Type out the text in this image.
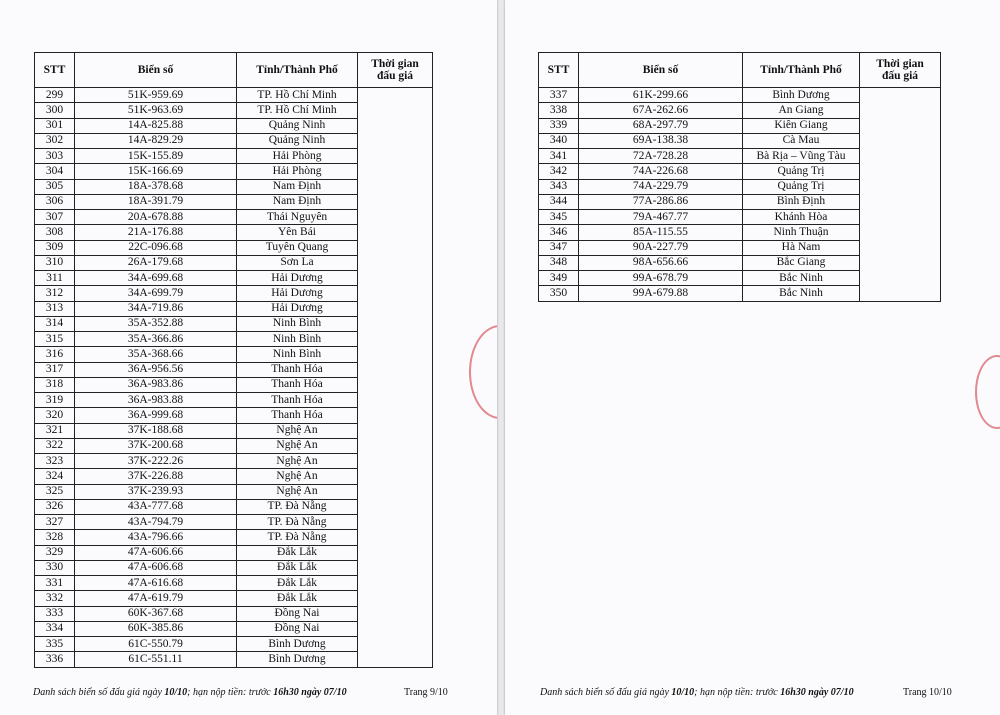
STT	Biển số	Tỉnh/Thành Phố	Thời gian
đấu giá
299	51K-959.69	TP. Hồ Chí Minh	
300	51K-963.69	TP. Hồ Chí Minh	
301	14A-825.88	Quảng Ninh	
302	14A-829.29	Quảng Ninh	
303	15K-155.89	Hải Phòng	
304	15K-166.69	Hải Phòng	
305	18A-378.68	Nam Định	
306	18A-391.79	Nam Định	
307	20A-678.88	Thái Nguyên	
308	21A-176.88	Yên Bái	
309	22C-096.68	Tuyên Quang	
310	26A-179.68	Sơn La	
311	34A-699.68	Hải Dương	
312	34A-699.79	Hải Dương	
313	34A-719.86	Hải Dương	
314	35A-352.88	Ninh Bình	
315	35A-366.86	Ninh Bình	
316	35A-368.66	Ninh Bình	
317	36A-956.56	Thanh Hóa	
318	36A-983.86	Thanh Hóa	
319	36A-983.88	Thanh Hóa	
320	36A-999.68	Thanh Hóa	
321	37K-188.68	Nghệ An	
322	37K-200.68	Nghệ An	
323	37K-222.26	Nghệ An	
324	37K-226.88	Nghệ An	
325	37K-239.93	Nghệ An	
326	43A-777.68	TP. Đà Nẵng	
327	43A-794.79	TP. Đà Nẵng	
328	43A-796.66	TP. Đà Nẵng	
329	47A-606.66	Đắk Lắk	
330	47A-606.68	Đắk Lắk	
331	47A-616.68	Đắk Lắk	
332	47A-619.79	Đắk Lắk	
333	60K-367.68	Đồng Nai	
334	60K-385.86	Đồng Nai	
335	61C-550.79	Bình Dương	
336	61C-551.11	Bình Dương	
Danh sách biển số đấu giá ngày 10/10; hạn nộp tiền: trước 16h30 ngày 07/10	Trang 9/10
STT	Biển số	Tỉnh/Thành Phố	Thời gian
đấu giá
337	61K-299.66	Bình Dương	
338	67A-262.66	An Giang	
339	68A-297.79	Kiên Giang	
340	69A-138.38	Cà Mau	
341	72A-728.28	Bà Rịa – Vũng Tàu	
342	74A-226.68	Quảng Trị	
343	74A-229.79	Quảng Trị	
344	77A-286.86	Bình Định	
345	79A-467.77	Khánh Hòa	
346	85A-115.55	Ninh Thuận	
347	90A-227.79	Hà Nam	
348	98A-656.66	Bắc Giang	
349	99A-678.79	Bắc Ninh	
350	99A-679.88	Bắc Ninh	
Danh sách biển số đấu giá ngày 10/10; hạn nộp tiền: trước 16h30 ngày 07/10	Trang 10/10
